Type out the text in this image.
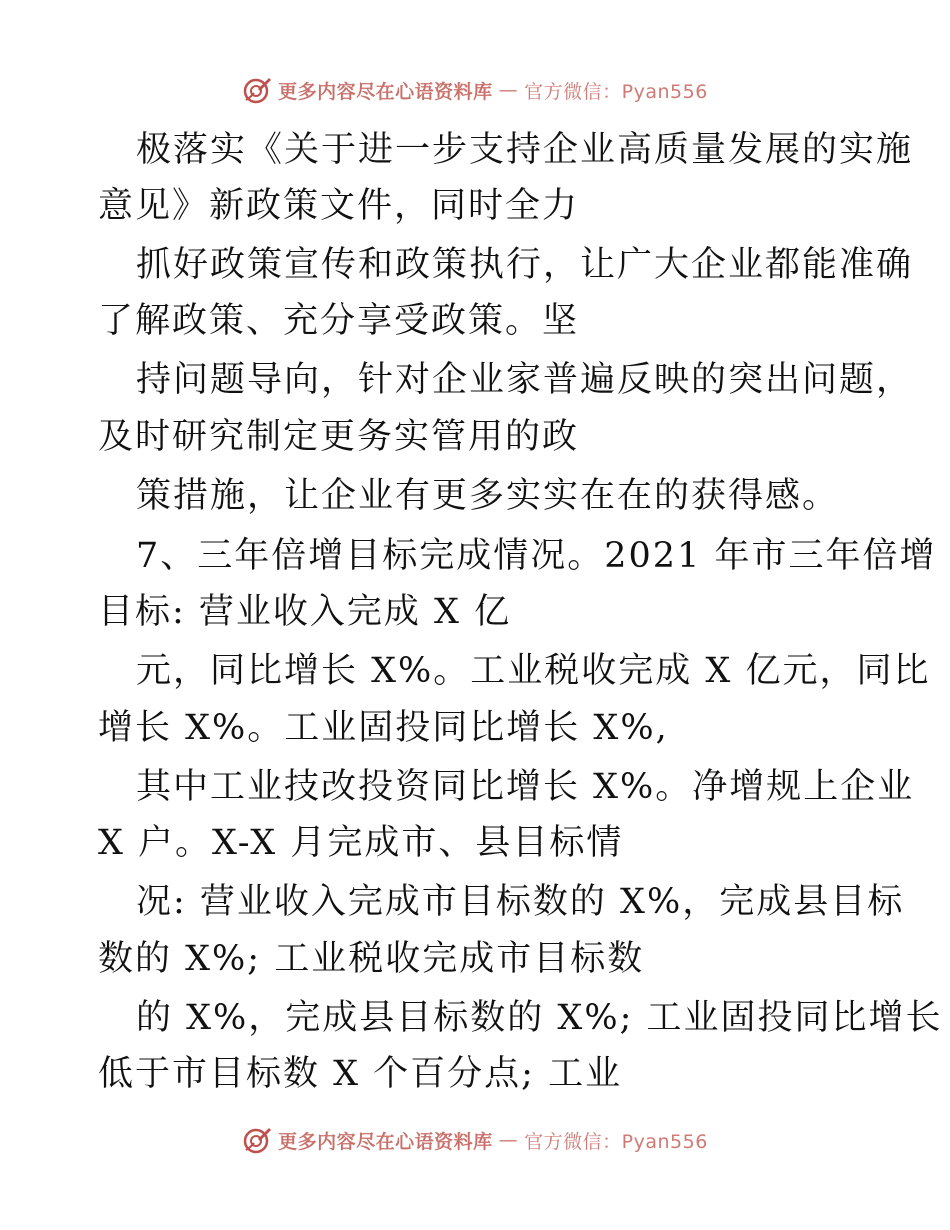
更多内容尽在心语资料库 — 官方微信：Pyan556
极落实《关于进一步支持企业高质量发展的实施
意见》新政策文件，同时全力
抓好政策宣传和政策执行，让广大企业都能准确
了解政策、充分享受政策。坚
持问题导向，针对企业家普遍反映的突出问题，
及时研究制定更务实管用的政
策措施，让企业有更多实实在在的获得感。
7、三年倍增目标完成情况。2021 年市三年倍增
目标: 营业收入完成 X 亿
元，同比增长 X%。工业税收完成 X 亿元，同比
增长 X%。工业固投同比增长 X%,
其中工业技改投资同比增长 X%。净增规上企业
X 户。X-X 月完成市、县目标情
况: 营业收入完成市目标数的 X%，完成县目标
数的 X%; 工业税收完成市目标数
的 X%，完成县目标数的 X%; 工业固投同比增长
低于市目标数 X 个百分点; 工业
更多内容尽在心语资料库 — 官方微信：Pyan556
